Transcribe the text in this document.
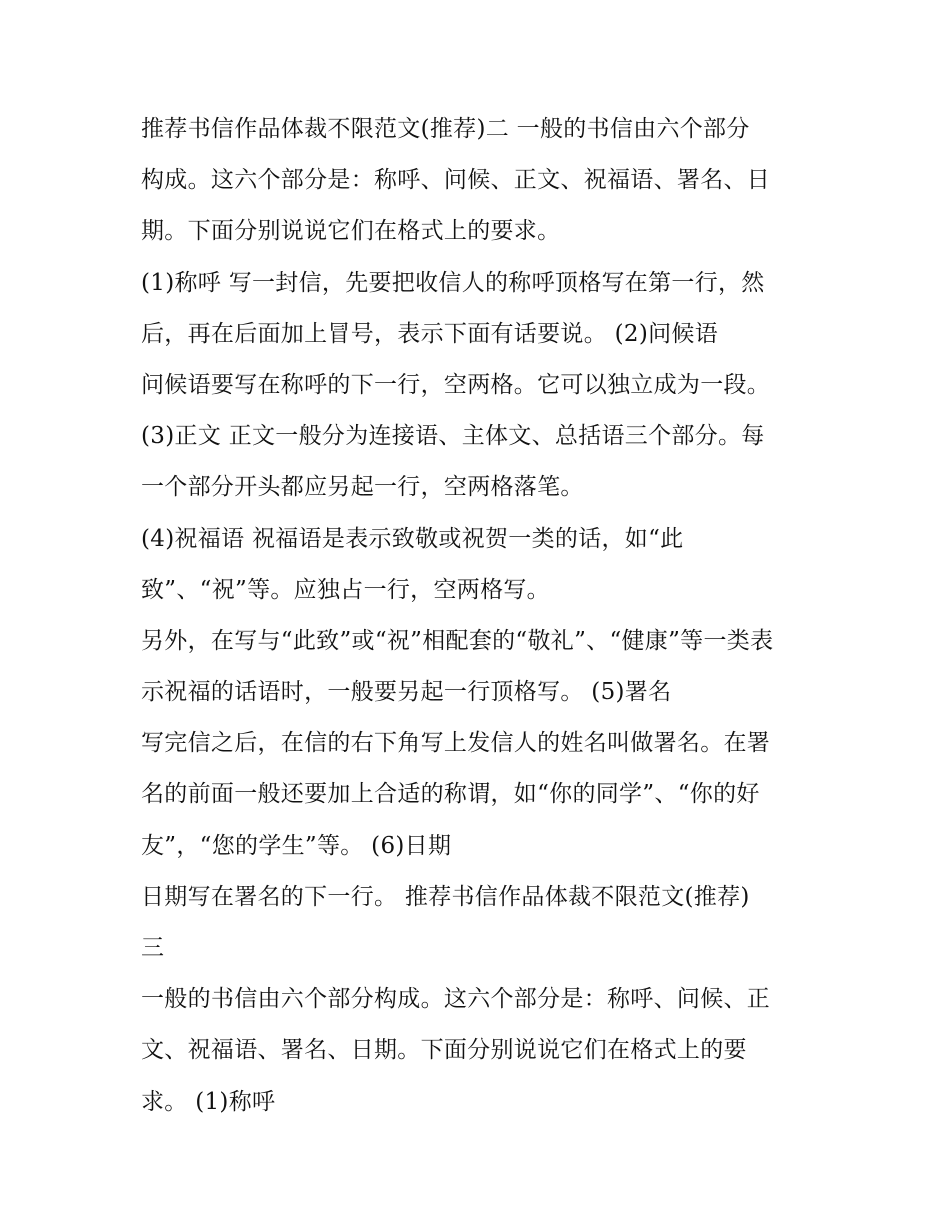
推荐书信作品体裁不限范文(推荐)二 一般的书信由六个部分
构成。这六个部分是：称呼、问候、正文、祝福语、署名、日
期。下面分别说说它们在格式上的要求。
(1)称呼 写一封信，先要把收信人的称呼顶格写在第一行，然
后，再在后面加上冒号，表示下面有话要说。 (2)问候语
问候语要写在称呼的下一行，空两格。它可以独立成为一段。
(3)正文 正文一般分为连接语、主体文、总括语三个部分。每
一个部分开头都应另起一行，空两格落笔。
(4)祝福语 祝福语是表示致敬或祝贺一类的话，如“此
致”、“祝”等。应独占一行，空两格写。
另外，在写与“此致”或“祝”相配套的“敬礼”、“健康”等一类表
示祝福的话语时，一般要另起一行顶格写。 (5)署名
写完信之后，在信的右下角写上发信人的姓名叫做署名。在署
名的前面一般还要加上合适的称谓，如“你的同学”、“你的好
友”，“您的学生”等。 (6)日期
日期写在署名的下一行。 推荐书信作品体裁不限范文(推荐)
三
一般的书信由六个部分构成。这六个部分是：称呼、问候、正
文、祝福语、署名、日期。下面分别说说它们在格式上的要
求。 (1)称呼
